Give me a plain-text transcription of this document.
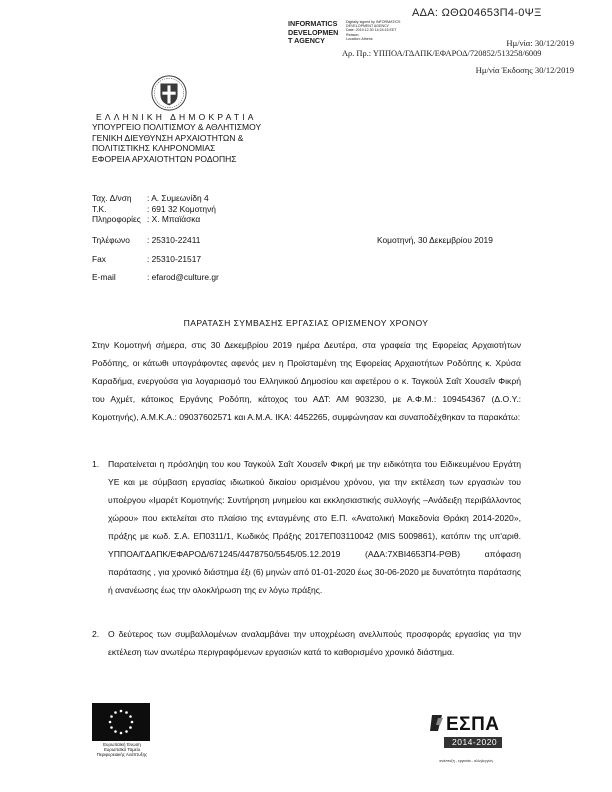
ΑΔΑ: ΩΘΩ04653Π4-0ΨΞ
INFORMATICS
DEVELOPMEN
T AGENCY
Digitally signed by INFORMATICS
DEVELOPMENT AGENCY
Date: 2019.12.30 14:24:15 EET
Reason:
Location: Athens	Ημ/νία: 30/12/2019
Ημ/νία Έκδοσης 30/12/2019
Αρ. Πρ.: ΥΠΠΟΑ/ΓΔΑΠΚ/ΕΦΑΡΟΔ/720852/513258/6009
ΕΛΛΗΝΙΚΗ ΔΗΜΟΚΡΑΤΙΑ
ΥΠΟΥΡΓΕΙΟ ΠΟΛΙΤΙΣΜΟΥ & ΑΘΛΗΤΙΣΜΟΥ
ΓΕΝΙΚΗ ΔΙΕΥΘΥΝΣΗ ΑΡΧΑΙΟΤΗΤΩΝ &
ΠΟΛΙΤΙΣΤΙΚΗΣ ΚΛΗΡΟΝΟΜΙΑΣ
ΕΦΟΡΕΙΑ ΑΡΧΑΙΟΤΗΤΩΝ ΡΟΔΟΠΗΣ
Ταχ. Δ/νση	: Α. Συμεωνίδη 4
Τ.Κ.	: 691 32 Κομοτηνή
Πληροφορίες : Χ. Μπαϊάσκα
Τηλέφωνο	: 25310-22411
Fax	: 25310-21517
E-mail	: efarod@culture.gr
Κομοτηνή, 30 Δεκεμβρίου 2019
ΠΑΡΑΤΑΣΗ ΣΥΜΒΑΣΗΣ ΕΡΓΑΣΙΑΣ ΟΡΙΣΜΕΝΟΥ ΧΡΟΝΟΥ
Στην Κομοτηνή σήμερα, στις 30 Δεκεμβρίου 2019 ημέρα Δευτέρα, στα γραφεία της Εφορείας Αρχαιοτήτων Ροδόπης, οι κάτωθι υπογράφοντες αφενός μεν η Προϊσταμένη της Εφορείας Αρχαιοτήτων Ροδόπης κ. Χρύσα Καραδήμα, ενεργούσα για λογαριασμό του Ελληνικού Δημοσίου και αφετέρου ο κ. Ταγκούλ Σαΐτ Χουσεΐν Φικρή του Αχμέτ, κάτοικος Εργάνης Ροδόπη, κάτοχος του ΑΔΤ: ΑΜ 903230, με Α.Φ.Μ.: 109454367 (Δ.Ο.Υ.: Κομοτηνής), Α.Μ.Κ.Α.: 09037602571 και Α.Μ.Α. ΙΚΑ: 4452265, συμφώνησαν και συναποδέχθηκαν τα παρακάτω:
1.	Παρατείνεται η πρόσληψη του κου Ταγκούλ Σαΐτ Χουσεΐν Φικρή με την ειδικότητα του Ειδικευμένου Εργάτη ΥΕ και με σύμβαση εργασίας ιδιωτικού δικαίου ορισμένου χρόνου, για την εκτέλεση των εργασιών του υποέργου «Ιμαρέτ Κομοτηνής: Συντήρηση μνημείου και εκκλησιαστικής συλλογής –Ανάδειξη περιβάλλοντος χώρου» που εκτελείται στο πλαίσιο της ενταγμένης στο Ε.Π. «Ανατολική Μακεδονία Θράκη 2014-2020», πράξης με κωδ. Σ.Α. ΕΠ0311/1, Κωδικός Πράξης 2017ΕΠ03110042 (MIS 5009861), κατόπιν της υπ'αριθ. ΥΠΠΟΑ/ΓΔΑΠΚ/ΕΦΑΡΟΔ/671245/4478750/5545/05.12.2019 (ΑΔΑ:7ΧΒΙ4653Π4-ΡΘΒ) απόφαση παράτασης , για χρονικό διάστημα έξι (6) μηνών από 01-01-2020 έως 30-06-2020 με δυνατότητα παράτασης ή ανανέωσης έως την ολοκλήρωση της εν λόγω πράξης.
2.	Ο δεύτερος των συμβαλλομένων αναλαμβάνει την υποχρέωση ανελλιπούς προσφοράς εργασίας για την εκτέλεση των ανωτέρω περιγραφόμενων εργασιών κατά το καθορισμένο χρονικό διάστημα.
Ευρωπαϊκή Ένωση
Ευρωπαϊκό Ταμείο
Περιφερειακής Ανάπτυξης
ΕΣΠΑ
2014-2020
ανάπτυξη - εργασία - αλληλεγγύη
